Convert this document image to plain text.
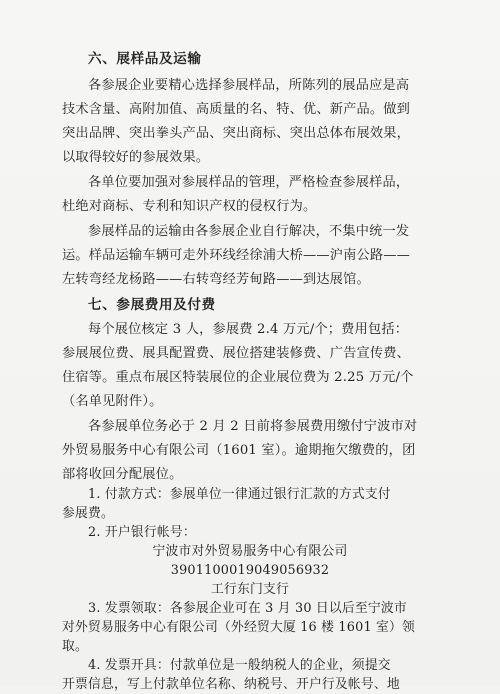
六、展样品及运输
各参展企业要精心选择参展样品，所陈列的展品应是高
技术含量、高附加值、高质量的名、特、优、新产品。做到
突出品牌、突出拳头产品、突出商标、突出总体布展效果，
以取得较好的参展效果。
各单位要加强对参展样品的管理，严格检查参展样品，
杜绝对商标、专利和知识产权的侵权行为。
参展样品的运输由各参展企业自行解决，不集中统一发
运。样品运输车辆可走外环线经徐浦大桥——沪南公路——
左转弯经龙杨路——右转弯经芳甸路——到达展馆。
七、参展费用及付费
每个展位核定 3 人，参展费 2.4 万元/个；费用包括：
参展展位费、展具配置费、展位搭建装修费、广告宣传费、
住宿等。重点布展区特装展位的企业展位费为 2.25 万元/个
（名单见附件）。
各参展单位务必于 2 月 2 日前将参展费用缴付宁波市对
外贸易服务中心有限公司（1601 室）。逾期拖欠缴费的，团
部将收回分配展位。
1. 付款方式：参展单位一律通过银行汇款的方式支付
参展费。
2. 开户银行帐号：
宁波市对外贸易服务中心有限公司
3901100019049056932
工行东门支行
3. 发票领取：各参展企业可在 3 月 30 日以后至宁波市
对外贸易服务中心有限公司（外经贸大厦 16 楼 1601 室）领
取。
4. 发票开具：付款单位是一般纳税人的企业，须提交
开票信息，写上付款单位名称、纳税号、开户行及帐号、地
